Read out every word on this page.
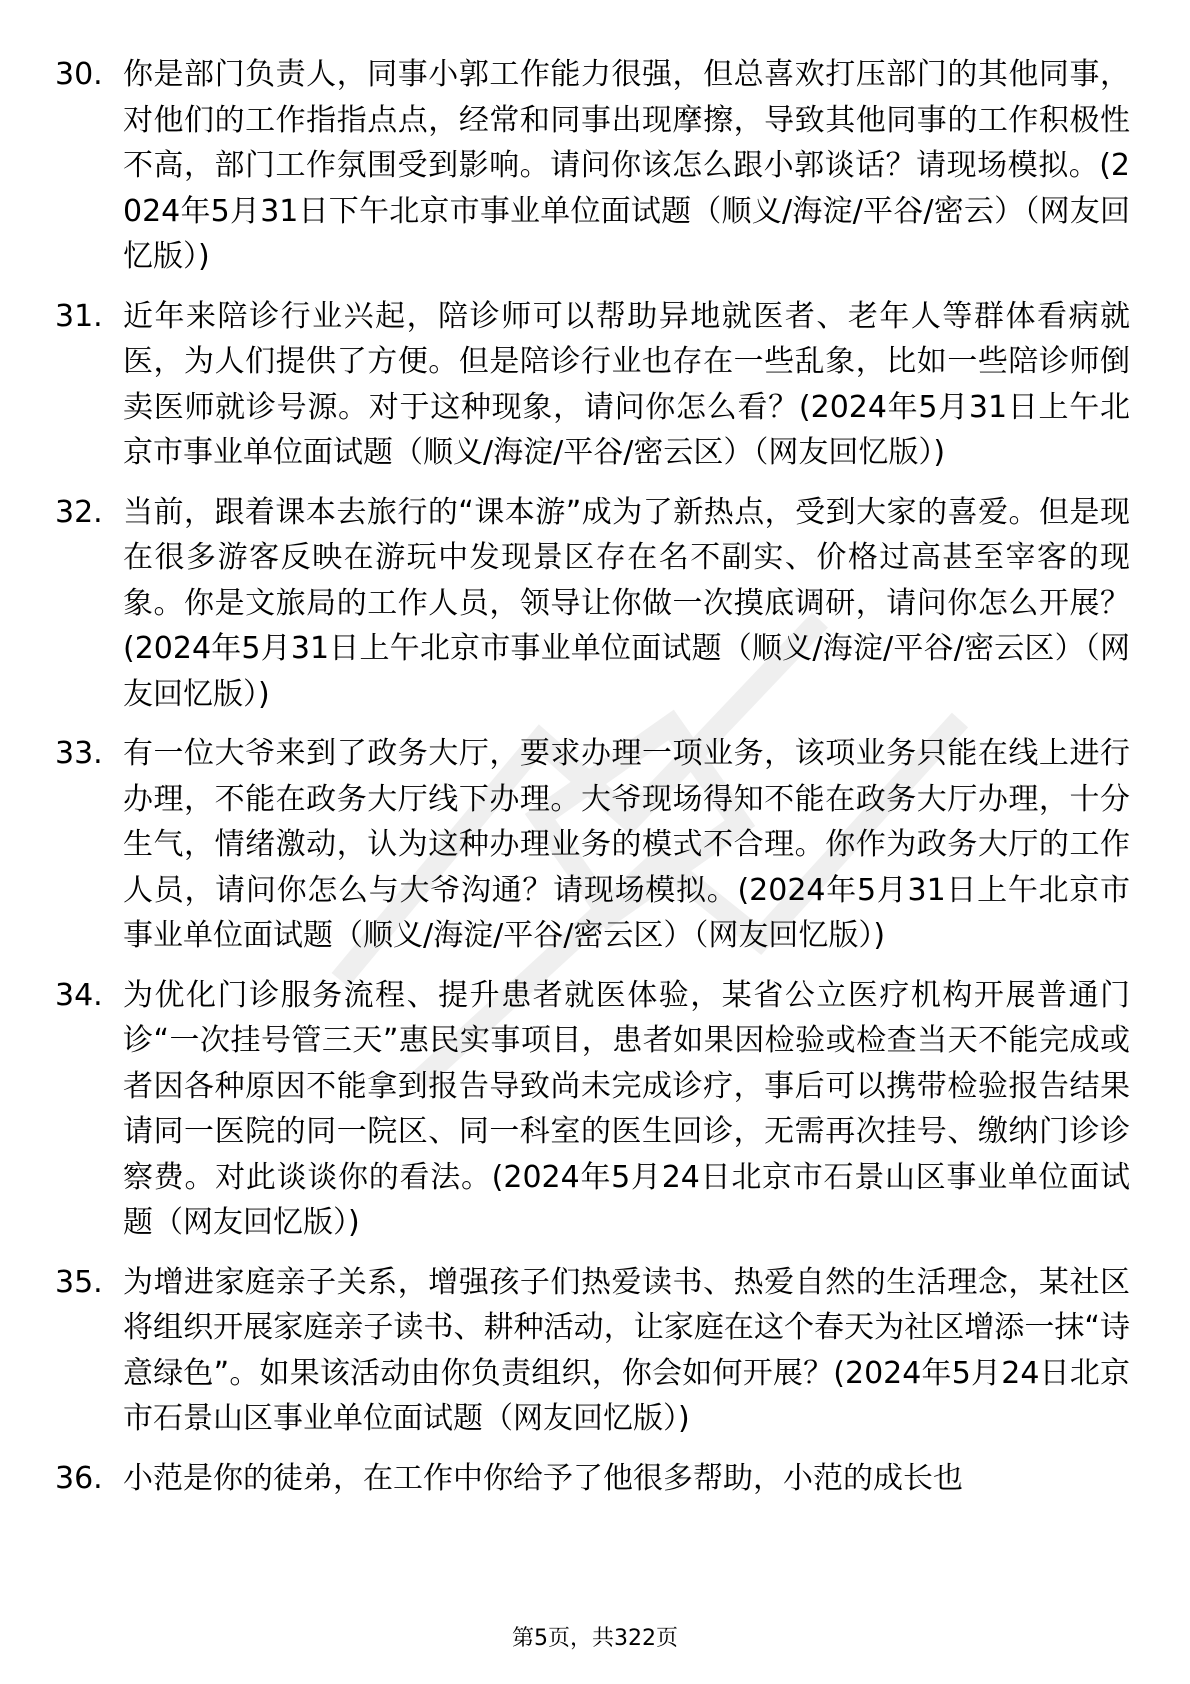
30. 你是部门负责人，同事小郭工作能力很强，但总喜欢打压部门的其他同事，对他们的工作指指点点，经常和同事出现摩擦，导致其他同事的工作积极性不高，部门工作氛围受到影响。请问你该怎么跟小郭谈话？请现场模拟。(2024年5月31日下午北京市事业单位面试题（顺义/海淀/平谷/密云）（网友回忆版）)
31. 近年来陪诊行业兴起，陪诊师可以帮助异地就医者、老年人等群体看病就医，为人们提供了方便。但是陪诊行业也存在一些乱象，比如一些陪诊师倒卖医师就诊号源。对于这种现象，请问你怎么看？(2024年5月31日上午北京市事业单位面试题（顺义/海淀/平谷/密云区）（网友回忆版）)
32. 当前，跟着课本去旅行的“课本游”成为了新热点，受到大家的喜爱。但是现在很多游客反映在游玩中发现景区存在名不副实、价格过高甚至宰客的现象。你是文旅局的工作人员，领导让你做一次摸底调研，请问你怎么开展？(2024年5月31日上午北京市事业单位面试题（顺义/海淀/平谷/密云区）（网友回忆版）)
33. 有一位大爷来到了政务大厅，要求办理一项业务，该项业务只能在线上进行办理，不能在政务大厅线下办理。大爷现场得知不能在政务大厅办理，十分生气，情绪激动，认为这种办理业务的模式不合理。你作为政务大厅的工作人员，请问你怎么与大爷沟通？请现场模拟。(2024年5月31日上午北京市事业单位面试题（顺义/海淀/平谷/密云区）（网友回忆版）)
34. 为优化门诊服务流程、提升患者就医体验，某省公立医疗机构开展普通门诊“一次挂号管三天”惠民实事项目，患者如果因检验或检查当天不能完成或者因各种原因不能拿到报告导致尚未完成诊疗，事后可以携带检验报告结果请同一医院的同一院区、同一科室的医生回诊，无需再次挂号、缴纳门诊诊察费。对此谈谈你的看法。(2024年5月24日北京市石景山区事业单位面试题（网友回忆版）)
35. 为增进家庭亲子关系，增强孩子们热爱读书、热爱自然的生活理念，某社区将组织开展家庭亲子读书、耕种活动，让家庭在这个春天为社区增添一抹“诗意绿色”。如果该活动由你负责组织，你会如何开展？(2024年5月24日北京市石景山区事业单位面试题（网友回忆版）)
36. 小范是你的徒弟，在工作中你给予了他很多帮助，小范的成长也
第5页，共322页
